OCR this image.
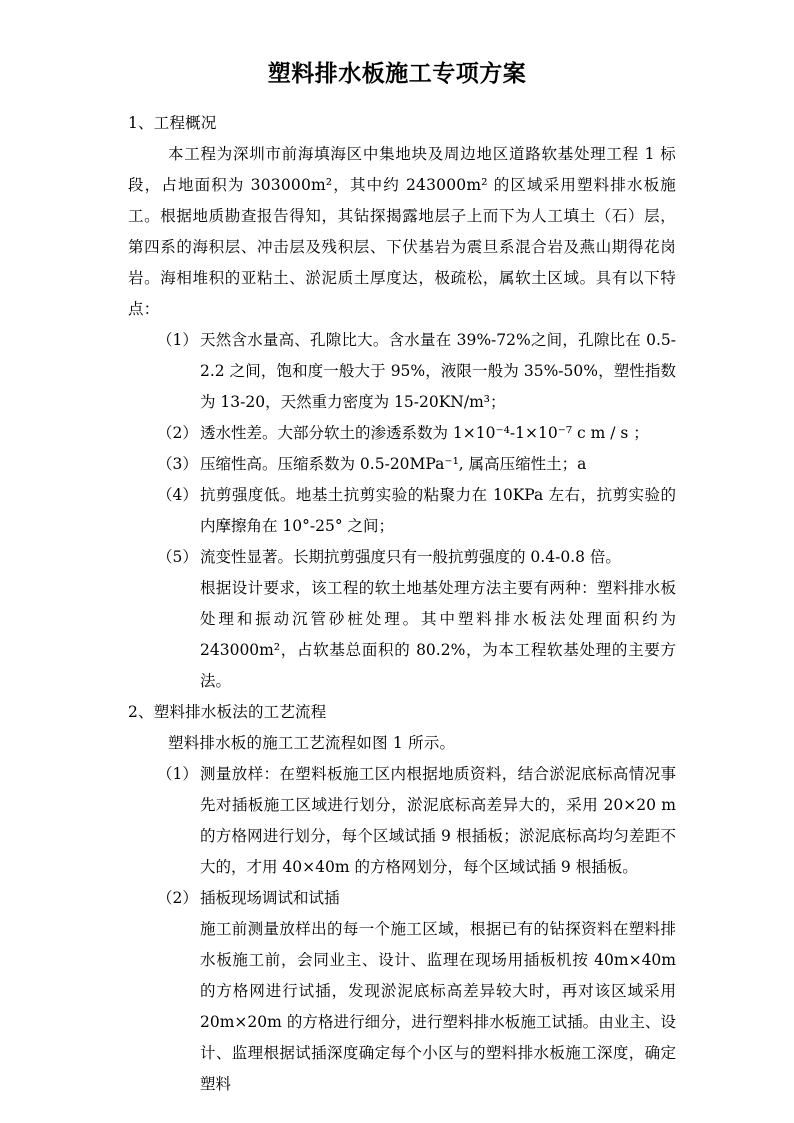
塑料排水板施工专项方案
1、工程概况
本工程为深圳市前海填海区中集地块及周边地区道路软基处理工程 1 标段，占地面积为 303000m²，其中约 243000m² 的区域采用塑料排水板施工。根据地质勘查报告得知，其钻探揭露地层子上而下为人工填土（石）层，第四系的海积层、冲击层及残积层、下伏基岩为震旦系混合岩及燕山期得花岗岩。海相堆积的亚粘土、淤泥质土厚度达，极疏松，属软土区域。具有以下特点：
（1） 天然含水量高、孔隙比大。含水量在 39%-72%之间，孔隙比在 0.5-2.2 之间，饱和度一般大于 95%，液限一般为 35%-50%，塑性指数为 13-20，天然重力密度为 15-20KN/m³；
（2） 透水性差。大部分软土的渗透系数为 1×10⁻⁴-1×10⁻⁷ c m / s ；
（3） 压缩性高。压缩系数为 0.5-20MPa⁻¹, 属高压缩性土；a
（4） 抗剪强度低。地基土抗剪实验的粘聚力在 10KPa 左右，抗剪实验的内摩擦角在 10°-25° 之间；
（5） 流变性显著。长期抗剪强度只有一般抗剪强度的 0.4-0.8 倍。
根据设计要求，该工程的软土地基处理方法主要有两种：塑料排水板处理和振动沉管砂桩处理。其中塑料排水板法处理面积约为 243000m²，占软基总面积的 80.2%，为本工程软基处理的主要方法。
2、塑料排水板法的工艺流程
塑料排水板的施工工艺流程如图 1 所示。
（1） 测量放样：在塑料板施工区内根据地质资料，结合淤泥底标高情况事先对插板施工区域进行划分，淤泥底标高差异大的，采用 20×20 m 的方格网进行划分，每个区域试插 9 根插板；淤泥底标高均匀差距不大的，才用 40×40m 的方格网划分，每个区域试插 9 根插板。
（2） 插板现场调试和试插
施工前测量放样出的每一个施工区域，根据已有的钻探资料在塑料排水板施工前，会同业主、设计、监理在现场用插板机按 40m×40m 的方格网进行试插，发现淤泥底标高差异较大时，再对该区域采用 20m×20m 的方格进行细分，进行塑料排水板施工试插。由业主、设计、监理根据试插深度确定每个小区与的塑料排水板施工深度，确定塑料
